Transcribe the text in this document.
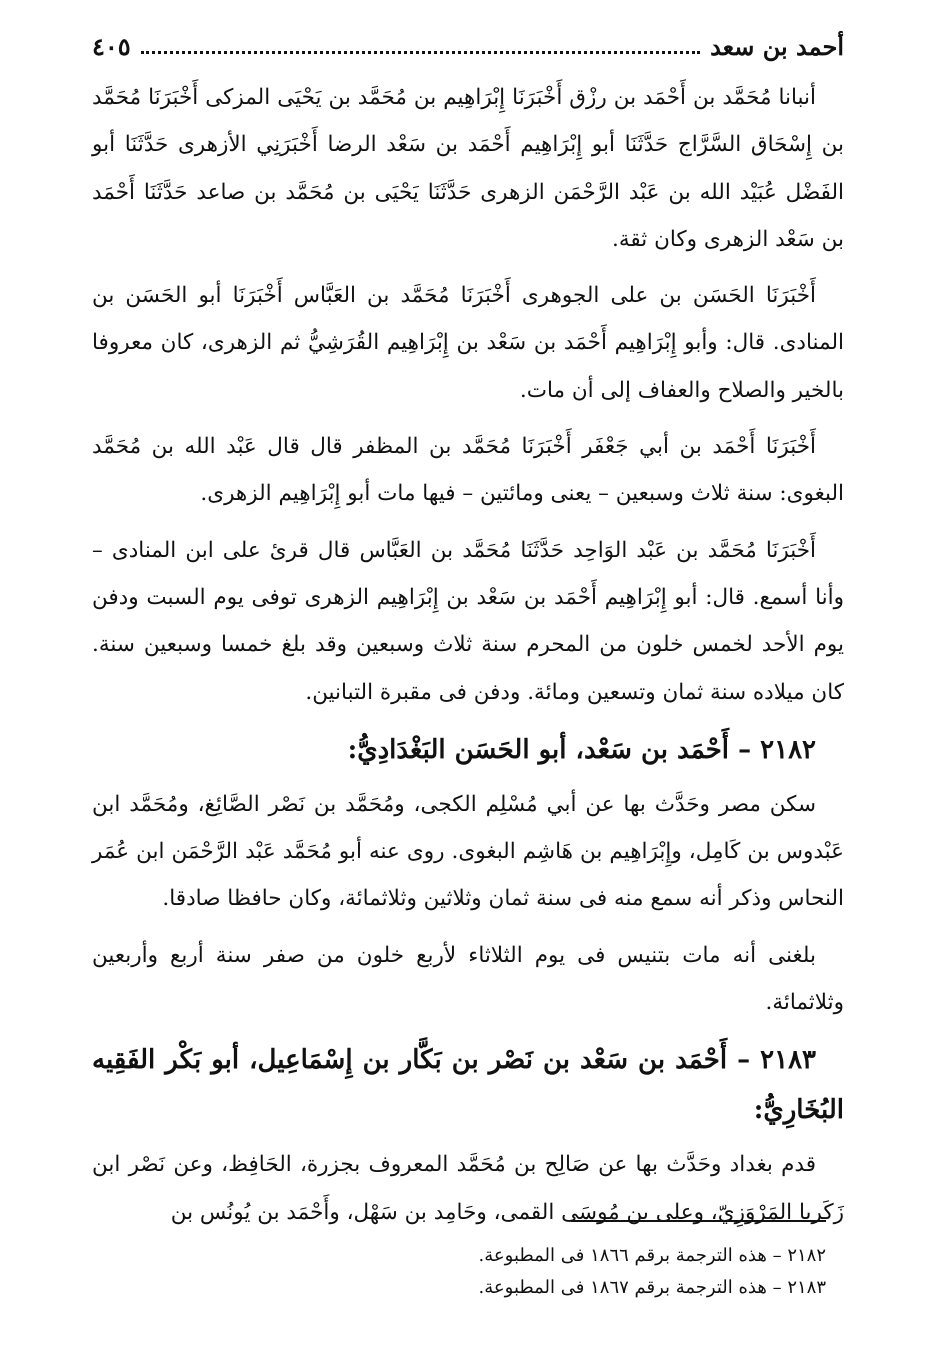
أحمد بن سعد
٤٠٥

أنبانا مُحَمَّد بن أَحْمَد بن رزْق أَخْبَرَنَا إِبْرَاهِيم بن مُحَمَّد بن يَحْيَى المزكى أَخْبَرَنَا مُحَمَّد بن إِسْحَاق السَّرَّاج حَدَّثَنَا أبو إِبْرَاهِيم أَحْمَد بن سَعْد الرضا أَخْبَرَنِي الأزهرى حَدَّثَنَا أبو الفَضْل عُبَيْد الله بن عَبْد الرَّحْمَن الزهرى حَدَّثَنَا يَحْيَى بن مُحَمَّد بن صاعد حَدَّثَنَا أَحْمَد بن سَعْد الزهرى وكان ثقة.

أَخْبَرَنَا الحَسَن بن على الجوهرى أَخْبَرَنَا مُحَمَّد بن العَبَّاس أَخْبَرَنَا أبو الحَسَن بن المنادى. قال: وأبو إِبْرَاهِيم أَحْمَد بن سَعْد بن إِبْرَاهِيم القُرَشِيُّ ثم الزهرى، كان معروفا بالخير والصلاح والعفاف إلى أن مات.

أَخْبَرَنَا أَحْمَد بن أبي جَعْفَر أَخْبَرَنَا مُحَمَّد بن المظفر قال قال عَبْد الله بن مُحَمَّد البغوى: سنة ثلاث وسبعين – يعنى ومائتين – فيها مات أبو إِبْرَاهِيم الزهرى.

أَخْبَرَنَا مُحَمَّد بن عَبْد الوَاحِد حَدَّثَنَا مُحَمَّد بن العَبَّاس قال قرئ على ابن المنادى – وأنا أسمع. قال: أبو إِبْرَاهِيم أَحْمَد بن سَعْد بن إِبْرَاهِيم الزهرى توفى يوم السبت ودفن يوم الأحد لخمس خلون من المحرم سنة ثلاث وسبعين وقد بلغ خمسا وسبعين سنة. كان ميلاده سنة ثمان وتسعين ومائة. ودفن فى مقبرة التبانين.

٢١٨٢ – أَحْمَد بن سَعْد، أبو الحَسَن البَغْدَادِيُّ:

سكن مصر وحَدَّث بها عن أبي مُسْلِم الكجى، ومُحَمَّد بن نَصْر الصَّائِغ، ومُحَمَّد ابن عَبْدوس بن كَامِل، وإِبْرَاهِيم بن هَاشِم البغوى. روى عنه أبو مُحَمَّد عَبْد الرَّحْمَن ابن عُمَر النحاس وذكر أنه سمع منه فى سنة ثمان وثلاثين وثلاثمائة، وكان حافظا صادقا.

بلغنى أنه مات بتنيس فى يوم الثلاثاء لأربع خلون من صفر سنة أربع وأربعين وثلاثمائة.

٢١٨٣ – أَحْمَد بن سَعْد بن نَصْر بن بَكَّار بن إِسْمَاعِيل، أبو بَكْر الفَقِيه البُخَارِيُّ:

قدم بغداد وحَدَّث بها عن صَالِح بن مُحَمَّد المعروف بجزرة، الحَافِظ، وعن نَصْر ابن زَكَريا المَرْوَزِيّ، وعلى بن مُوسَى القمى، وحَامِد بن سَهْل، وأَحْمَد بن يُونُس بن

٢١٨٢ – هذه الترجمة برقم ١٨٦٦ فى المطبوعة.
٢١٨٣ – هذه الترجمة برقم ١٨٦٧ فى المطبوعة.
